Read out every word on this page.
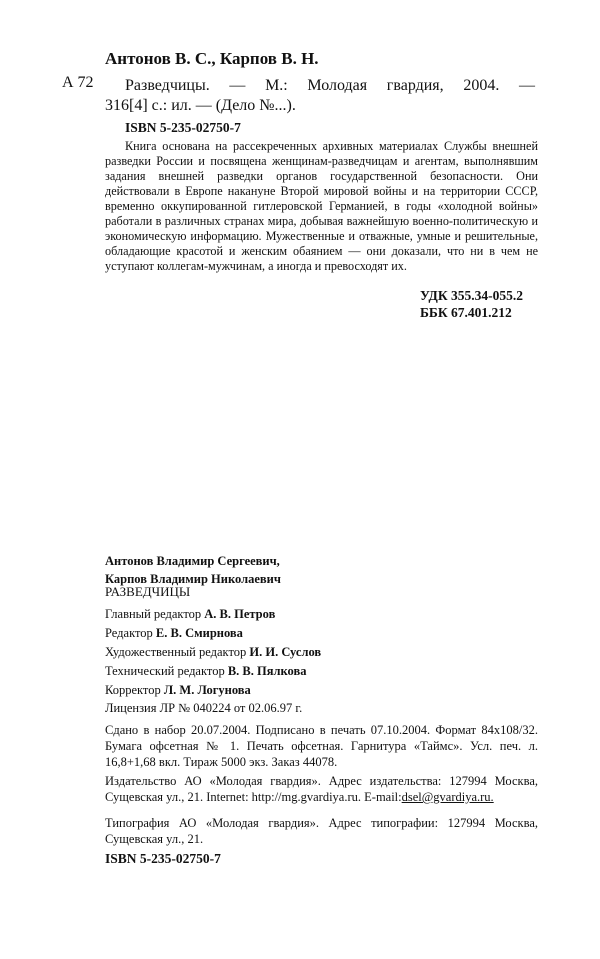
Антонов В. С., Карпов В. Н.
А 72 Разведчицы. — М.: Молодая гвардия, 2004. —
316[4] с.: ил. — (Дело №...).
ISBN 5-235-02750-7
Книга основана на рассекреченных архивных материалах Службы внешней разведки России и посвящена женщинам-разведчицам и агентам, выполнявшим задания внешней разведки органов государственной безопасности. Они действовали в Европе накануне Второй мировой войны и на территории СССР, временно оккупированной гитлеровской Германией, в годы «холодной войны» работали в различных странах мира, добывая важнейшую военно-политическую и экономическую информацию. Мужественные и отважные, умные и решительные, обладающие красотой и женским обаянием — они доказали, что ни в чем не уступают коллегам-мужчинам, а иногда и превосходят их.
УДК 355.34-055.2
ББК 67.401.212
Антонов Владимир Сергеевич,
Карпов Владимир Николаевич
РАЗВЕДЧИЦЫ
Главный редактор А. В. Петров
Редактор Е. В. Смирнова
Художественный редактор И. И. Суслов
Технический редактор В. В. Пялкова
Корректор Л. М. Логунова
Лицензия ЛР № 040224 от 02.06.97 г.
Сдано в набор 20.07.2004. Подписано в печать 07.10.2004. Формат 84x108/32. Бумага офсетная № 1. Печать офсетная. Гарнитура «Таймс». Усл. печ. л. 16,8+1,68 вкл. Тираж 5000 экз. Заказ 44078.
Издательство АО «Молодая гвардия». Адрес издательства: 127994 Москва, Сущевская ул., 21. Internet: http://mg.gvardiya.ru. E-mail:dsel@gvardiya.ru.
Типография АО «Молодая гвардия». Адрес типографии: 127994 Москва, Сущевская ул., 21.
ISBN 5-235-02750-7
